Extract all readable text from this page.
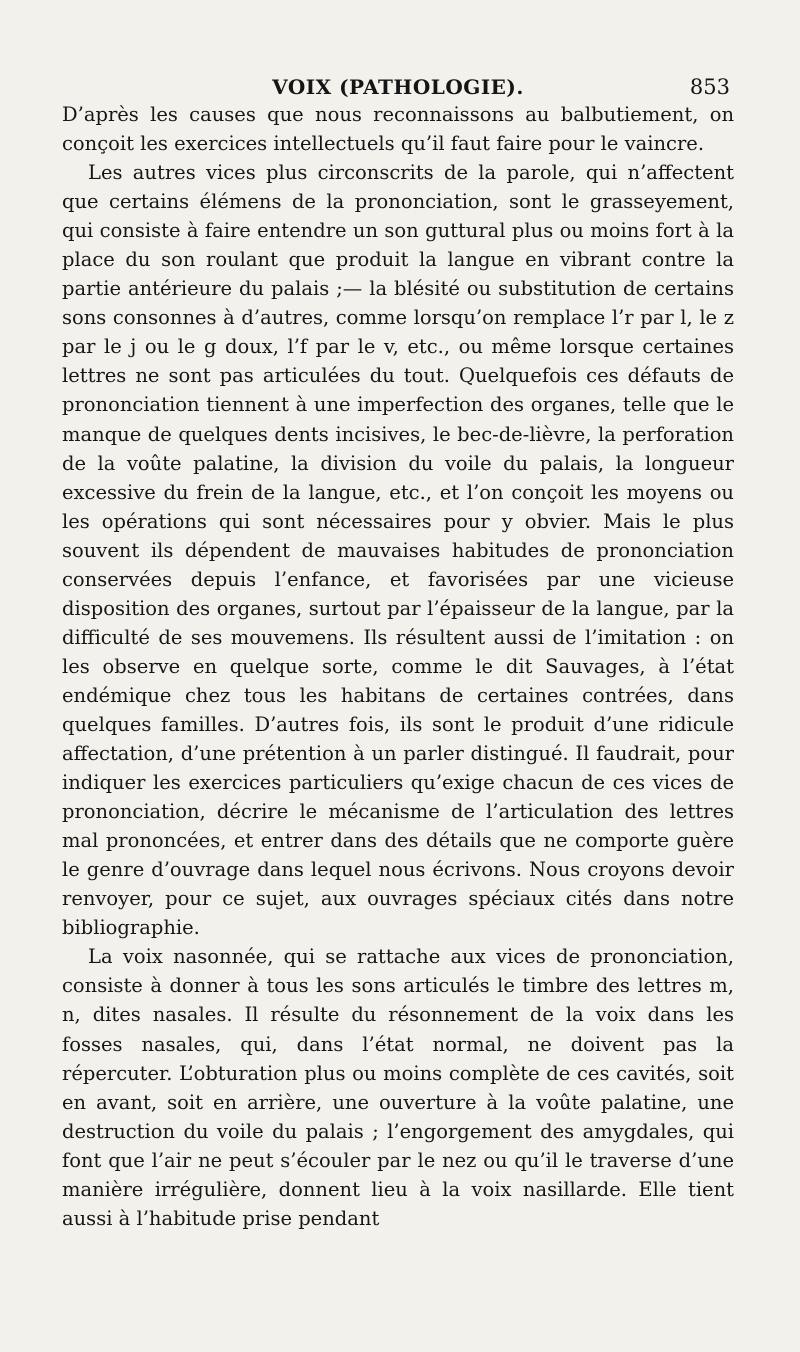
VOIX (PATHOLOGIE).	853

D’après les causes que nous reconnaissons au balbutiement, on conçoit les exercices intellectuels qu’il faut faire pour le vaincre.

Les autres vices plus circonscrits de la parole, qui n’affectent que certains élémens de la prononciation, sont le grasseyement, qui consiste à faire entendre un son guttural plus ou moins fort à la place du son roulant que produit la langue en vibrant contre la partie antérieure du palais ;— la blésité ou substitution de certains sons consonnes à d’autres, comme lorsqu’on remplace l’r par l, le z par le j ou le g doux, l’f par le v, etc., ou même lorsque certaines lettres ne sont pas articulées du tout. Quelquefois ces défauts de prononciation tiennent à une imperfection des organes, telle que le manque de quelques dents incisives, le bec-de-lièvre, la perforation de la voûte palatine, la division du voile du palais, la longueur excessive du frein de la langue, etc., et l’on conçoit les moyens ou les opérations qui sont nécessaires pour y obvier. Mais le plus souvent ils dépendent de mauvaises habitudes de prononciation conservées depuis l’enfance, et favorisées par une vicieuse disposition des organes, surtout par l’épaisseur de la langue, par la difficulté de ses mouvemens. Ils résultent aussi de l’imitation : on les observe en quelque sorte, comme le dit Sauvages, à l’état endémique chez tous les habitans de certaines contrées, dans quelques familles. D’autres fois, ils sont le produit d’une ridicule affectation, d’une prétention à un parler distingué. Il faudrait, pour indiquer les exercices particuliers qu’exige chacun de ces vices de prononciation, décrire le mécanisme de l’articulation des lettres mal prononcées, et entrer dans des détails que ne comporte guère le genre d’ouvrage dans lequel nous écrivons. Nous croyons devoir renvoyer, pour ce sujet, aux ouvrages spéciaux cités dans notre bibliographie.

La voix nasonnée, qui se rattache aux vices de prononciation, consiste à donner à tous les sons articulés le timbre des lettres m, n, dites nasales. Il résulte du résonnement de la voix dans les fosses nasales, qui, dans l’état normal, ne doivent pas la répercuter. L’obturation plus ou moins complète de ces cavités, soit en avant, soit en arrière, une ouverture à la voûte palatine, une destruction du voile du palais ; l’engorgement des amygdales, qui font que l’air ne peut s’écouler par le nez ou qu’il le traverse d’une manière irrégulière, donnent lieu à la voix nasillarde. Elle tient aussi à l’habitude prise pendant
